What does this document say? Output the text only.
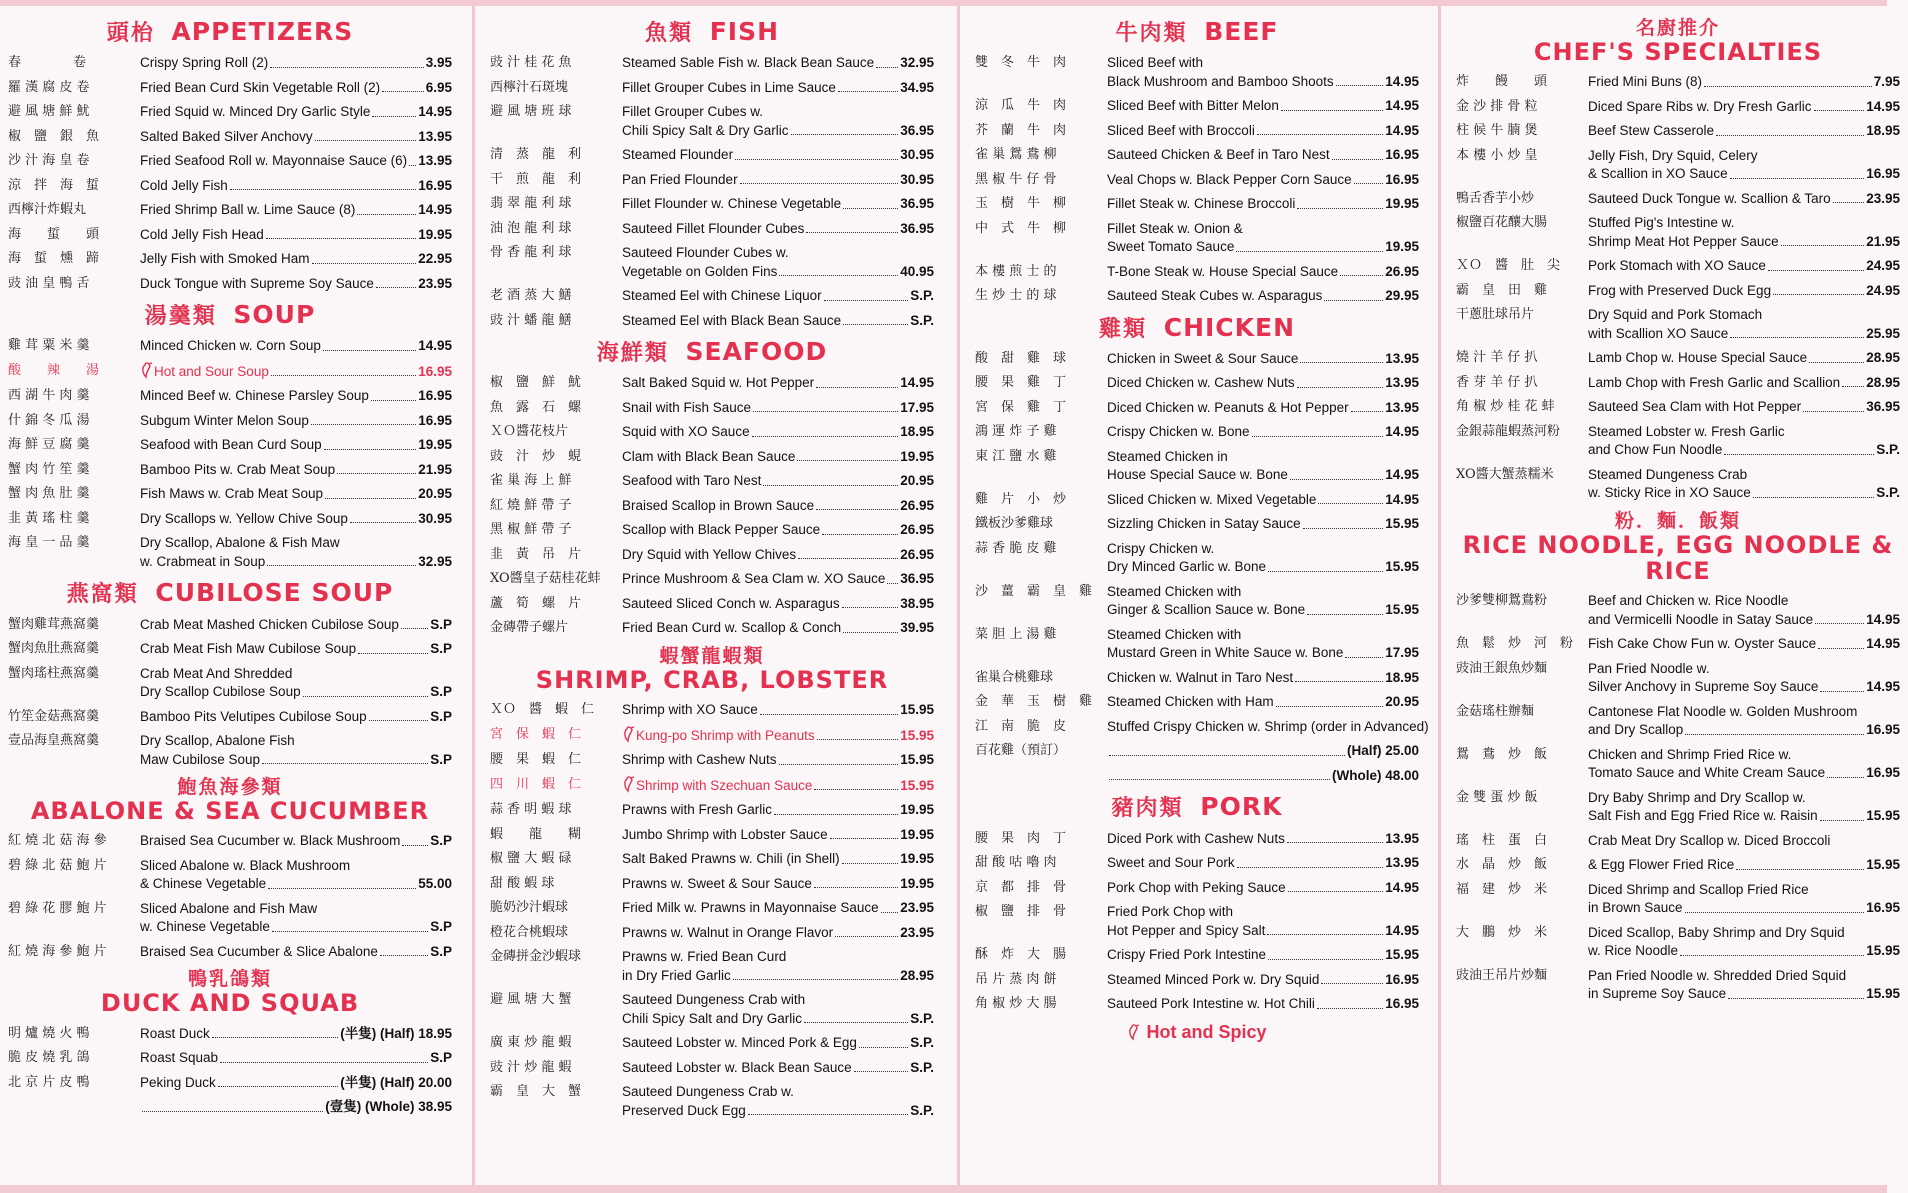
頭枱 APPETIZERS
春　　　　卷	Crispy Spring Roll (2)	3.95
羅 漢 腐 皮 卷	Fried Bean Curd Skin Vegetable Roll (2)	6.95
避 風 塘 鮮 魷	Fried Squid w. Minced Dry Garlic Style	14.95
椒　鹽　銀　魚	Salted Baked Silver Anchovy	13.95
沙 汁 海 皇 卷	Fried Seafood Roll w. Mayonnaise Sauce (6) 13.95
涼　拌　海　蜇	Cold Jelly Fish	16.95
西檸汁炸蝦丸	Fried Shrimp Ball w. Lime Sauce (8)	14.95
海　　蜇　　頭	Cold Jelly Fish Head	19.95
海　蜇　燻　蹄	Jelly Fish with Smoked Ham	22.95
豉 油 皇 鴨 舌	Duck Tongue with Supreme Soy Sauce	23.95
湯羹類 SOUP
雞 茸 粟 米 羹	Minced Chicken w. Corn Soup	14.95
酸　　辣　　湯	Hot and Sour Soup	16.95
西 湖 牛 肉 羹	Minced Beef w. Chinese Parsley Soup	16.95
什 錦 冬 瓜 湯	Subgum Winter Melon Soup	16.95
海 鮮 豆 腐 羹	Seafood with Bean Curd Soup	19.95
蟹 肉 竹 笙 羹	Bamboo Pits w. Crab Meat Soup	21.95
蟹 肉 魚 肚 羹	Fish Maws w. Crab Meat Soup	20.95
韭 黃 瑤 柱 羹	Dry Scallops w. Yellow Chive Soup	30.95
海 皇 一 品 羹	Dry Scallop, Abalone & Fish Maw
w. Crabmeat in Soup	32.95
燕窩類 CUBILOSE SOUP
蟹肉雞茸燕窩羹	Crab Meat Mashed Chicken Cubilose Soup S.P
蟹肉魚肚燕窩羹	Crab Meat Fish Maw Cubilose Soup	S.P
蟹肉瑤柱燕窩羹	Crab Meat And Shredded
Dry Scallop Cubilose Soup	S.P
竹笙金菇燕窩羹	Bamboo Pits Velutipes Cubilose Soup	S.P
壹品海皇燕窩羹	Dry Scallop, Abalone Fish
Maw Cubilose Soup	S.P
鮑魚海參類
ABALONE & SEA CUCUMBER
紅 燒 北 菇 海 參	Braised Sea Cucumber w. Black Mushroom S.P
碧 綠 北 菇 鮑 片	Sliced Abalone w. Black Mushroom
& Chinese Vegetable	55.00
碧 綠 花 膠 鮑 片	Sliced Abalone and Fish Maw
w. Chinese Vegetable	S.P
紅 燒 海 參 鮑 片	Braised Sea Cucumber & Slice Abalone	S.P
鴨乳鴿類
DUCK AND SQUAB
明 爐 燒 火 鴨	Roast Duck	(半隻) (Half) 18.95
脆 皮 燒 乳 鴿	Roast Squab	S.P
北 京 片 皮 鴨	Peking Duck	(半隻) (Half) 20.00
(壹隻) (Whole) 38.95
魚類 FISH
豉 汁 桂 花 魚	Steamed Sable Fish w. Black Bean Sauce 32.95
西檸汁石斑塊	Fillet Grouper Cubes in Lime Sauce	34.95
避 風 塘 班 球	Fillet Grouper Cubes w.
Chili Spicy Salt & Dry Garlic	36.95
清　蒸　龍　利	Steamed Flounder	30.95
干　煎　龍　利	Pan Fried Flounder	30.95
翡 翠 龍 利 球	Fillet Flounder w. Chinese Vegetable	36.95
油 泡 龍 利 球	Sauteed Fillet Flounder Cubes	36.95
骨 香 龍 利 球	Sauteed Flounder Cubes w.
Vegetable on Golden Fins	40.95
老 酒 蒸 大 鱔	Steamed Eel with Chinese Liquor	S.P.
豉 汁 蟠 龍 鱔	Steamed Eel with Black Bean Sauce	S.P.
海鮮類 SEAFOOD
椒　鹽　鮮　魷	Salt Baked Squid w. Hot Pepper	14.95
魚　露　石　螺	Snail with Fish Sauce	17.95
ＸＯ醬花枝片	Squid with XO Sauce	18.95
豉　汁　炒　蜆	Clam with Black Bean Sauce	19.95
雀 巢 海 上 鮮	Seafood with Taro Nest	20.95
紅 燒 鮮 帶 子	Braised Scallop in Brown Sauce	26.95
黑 椒 鮮 帶 子	Scallop with Black Pepper Sauce	26.95
韭　黃　吊　片	Dry Squid with Yellow Chives	26.95
XO醬皇子菇桂花蚌	Prince Mushroom & Sea Clam w. XO Sauce 36.95
蘆　筍　螺　片	Sauteed Sliced Conch w. Asparagus	38.95
金磚帶子螺片	Fried Bean Curd w. Scallop & Conch	39.95
蝦蟹龍蝦類
SHRIMP, CRAB, LOBSTER
ＸＯ　醬　蝦　仁	Shrimp with XO Sauce	15.95
宮　保　蝦　仁	Kung-po Shrimp with Peanuts	15.95
腰　果　蝦　仁	Shrimp with Cashew Nuts	15.95
四　川　蝦　仁	Shrimp with Szechuan Sauce	15.95
蒜 香 明 蝦 球	Prawns with Fresh Garlic	19.95
蝦　　龍　　糊	Jumbo Shrimp with Lobster Sauce	19.95
椒 鹽 大 蝦 碌	Salt Baked Prawns w. Chili (in Shell)	19.95
甜 酸 蝦 球	Prawns w. Sweet & Sour Sauce	19.95
脆奶沙汁蝦球	Fried Milk w. Prawns in Mayonnaise Sauce 23.95
橙花合桃蝦球	Prawns w. Walnut in Orange Flavor	23.95
金磚拼金沙蝦球	Prawns w. Fried Bean Curd
in Dry Fried Garlic	28.95
避 風 塘 大 蟹	Sauteed Dungeness Crab with
Chili Spicy Salt and Dry Garlic	S.P.
廣 東 炒 龍 蝦	Sauteed Lobster w. Minced Pork & Egg	S.P.
豉 汁 炒 龍 蝦	Sauteed Lobster w. Black Bean Sauce	S.P.
霸　皇　大　蟹	Sauteed Dungeness Crab w.
Preserved Duck Egg	S.P.
牛肉類 BEEF
雙　冬　牛　肉	Sliced Beef with
Black Mushroom and Bamboo Shoots	14.95
涼　瓜　牛　肉	Sliced Beef with Bitter Melon	14.95
芥　蘭　牛　肉	Sliced Beef with Broccoli	14.95
雀 巢 鴛 鴦 柳	Sauteed Chicken & Beef in Taro Nest	16.95
黑 椒 牛 仔 骨	Veal Chops w. Black Pepper Corn Sauce 16.95
玉　樹　牛　柳	Fillet Steak w. Chinese Broccoli	19.95
中　式　牛　柳	Fillet Steak w. Onion &
Sweet Tomato Sauce	19.95
本 樓 煎 士 的	T-Bone Steak w. House Special Sauce	26.95
生 炒 士 的 球	Sauteed Steak Cubes w. Asparagus	29.95
雞類 CHICKEN
酸　甜　雞　球	Chicken in Sweet & Sour Sauce	13.95
腰　果　雞　丁	Diced Chicken w. Cashew Nuts	13.95
宮　保　雞　丁	Diced Chicken w. Peanuts & Hot Pepper	13.95
鴻 運 炸 子 雞	Crispy Chicken w. Bone	14.95
東 江 鹽 水 雞	Steamed Chicken in
House Special Sauce w. Bone	14.95
雞　片　小　炒	Sliced Chicken w. Mixed Vegetable	14.95
鐵板沙爹雞球	Sizzling Chicken in Satay Sauce	15.95
蒜 香 脆 皮 雞	Crispy Chicken w.
Dry Minced Garlic w. Bone	15.95
沙　薑　霸　皇　雞	Steamed Chicken with
Ginger & Scallion Sauce w. Bone	15.95
菜 胆 上 湯 雞	Steamed Chicken with
Mustard Green in White Sauce w. Bone	17.95
雀巢合桃雞球	Chicken w. Walnut in Taro Nest	18.95
金　華　玉　樹　雞	Steamed Chicken with Ham	20.95
江　南　脆　皮	Stuffed Crispy Chicken w. Shrimp (order in Advanced)
百花雞（預訂）	(Half) 25.00
(Whole) 48.00
豬肉類 PORK
腰　果　肉　丁	Diced Pork with Cashew Nuts	13.95
甜 酸 咕 嚕 肉	Sweet and Sour Pork	13.95
京　都　排　骨	Pork Chop with Peking Sauce	14.95
椒　鹽　排　骨	Fried Pork Chop with
Hot Pepper and Spicy Salt	14.95
酥　炸　大　腸	Crispy Fried Pork Intestine	15.95
吊 片 蒸 肉 餅	Steamed Minced Pork w. Dry Squid	16.95
角 椒 炒 大 腸	Sauteed Pork Intestine w. Hot Chili	16.95
Hot and Spicy
名廚推介
CHEF'S SPECIALTIES
炸　　饅　　頭	Fried Mini Buns (8)	7.95
金 沙 排 骨 粒	Diced Spare Ribs w. Dry Fresh Garlic	14.95
柱 候 牛 腩 煲	Beef Stew Casserole	18.95
本 樓 小 炒 皇	Jelly Fish, Dry Squid, Celery
& Scallion in XO Sauce	16.95
鴨舌香芋小炒	Sauteed Duck Tongue w. Scallion & Taro	23.95
椒鹽百花釀大腸	Stuffed Pig's Intestine w.
Shrimp Meat Hot Pepper Sauce	21.95
ＸＯ　醬　肚　尖	Pork Stomach with XO Sauce	24.95
霸　皇　田　雞	Frog with Preserved Duck Egg	24.95
干蔥肚球吊片	Dry Squid and Pork Stomach
with Scallion XO Sauce	25.95
燒 汁 羊 仔 扒	Lamb Chop w. House Special Sauce	28.95
香 芽 羊 仔 扒	Lamb Chop with Fresh Garlic and Scallion 28.95
角 椒 炒 桂 花 蚌	Sauteed Sea Clam with Hot Pepper	36.95
金銀蒜龍蝦蒸河粉	Steamed Lobster w. Fresh Garlic
and Chow Fun Noodle	S.P.
XO醬大蟹蒸糯米	Steamed Dungeness Crab
w. Sticky Rice in XO Sauce	S.P.
粉．麵．飯類
RICE NOODLE, EGG NOODLE & RICE
沙爹雙柳鴛鴦粉	Beef and Chicken w. Rice Noodle
and Vermicelli Noodle in Satay Sauce	14.95
魚　鬆　炒　河　粉	Fish Cake Chow Fun w. Oyster Sauce	14.95
豉油王銀魚炒麵	Pan Fried Noodle w.
Silver Anchovy in Supreme Soy Sauce	14.95
金菇瑤柱辦麵	Cantonese Flat Noodle w. Golden Mushroom
and Dry Scallop	16.95
鴛　鴦　炒　飯	Chicken and Shrimp Fried Rice w.
Tomato Sauce and White Cream Sauce	16.95
金 雙 蛋 炒 飯	Dry Baby Shrimp and Dry Scallop w.
Salt Fish and Egg Fried Rice w. Raisin	15.95
瑤　柱　蛋　白	Crab Meat Dry Scallop w. Diced Broccoli
水　晶　炒　飯	& Egg Flower Fried Rice	15.95
福　建　炒　米	Diced Shrimp and Scallop Fried Rice
in Brown Sauce	16.95
大　鵬　炒　米	Diced Scallop, Baby Shrimp and Dry Squid
w. Rice Noodle	15.95
豉油王吊片炒麵	Pan Fried Noodle w. Shredded Dried Squid
in Supreme Soy Sauce	15.95
